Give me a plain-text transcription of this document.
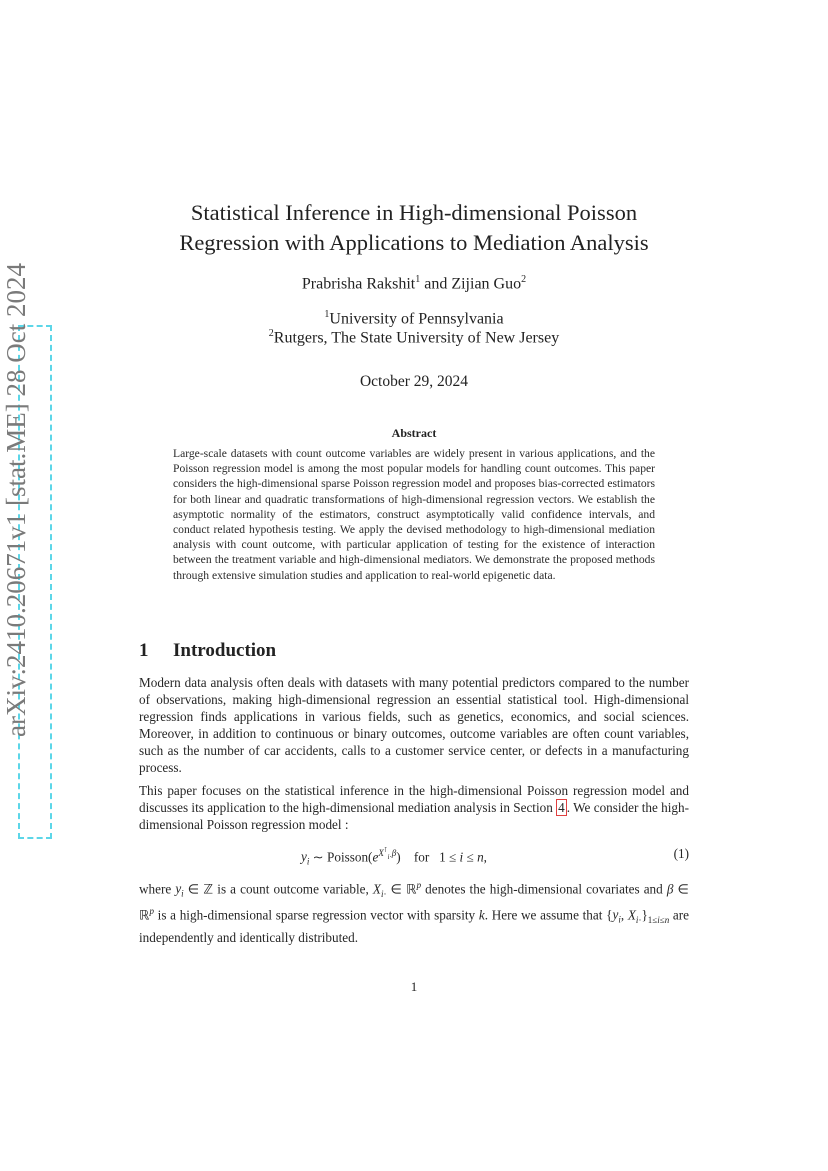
arXiv:2410.20671v1 [stat.ME] 28 Oct 2024
Statistical Inference in High-dimensional Poisson
Regression with Applications to Mediation Analysis
Prabrisha Rakshit$^1$ and Zijian Guo$^2$
$^1$University of Pennsylvania
$^2$Rutgers, The State University of New Jersey
October 29, 2024
Abstract
Large-scale datasets with count outcome variables are widely present in various applications, and the Poisson regression model is among the most popular models for handling count outcomes. This paper considers the high-dimensional sparse Poisson regression model and proposes bias-corrected estimators for both linear and quadratic transformations of high-dimensional regression vectors. We establish the asymptotic normality of the estimators, construct asymptotically valid confidence intervals, and conduct related hypothesis testing. We apply the devised methodology to high-dimensional mediation analysis with count outcome, with particular application of testing for the existence of interaction between the treatment variable and high-dimensional mediators. We demonstrate the proposed methods through extensive simulation studies and application to real-world epigenetic data.
1 Introduction
Modern data analysis often deals with datasets with many potential predictors compared to the number of observations, making high-dimensional regression an essential statistical tool. High-dimensional regression finds applications in various fields, such as genetics, economics, and social sciences. Moreover, in addition to continuous or binary outcomes, outcome variables are often count variables, such as the number of car accidents, calls to a customer service center, or defects in a manufacturing process.
This paper focuses on the statistical inference in the high-dimensional Poisson regression model and discusses its application to the high-dimensional mediation analysis in Section 4 . We consider the high-dimensional Poisson regression model :
$y_i$ ∼ $Poisson(e^{X^⊺_{i\cdot}\beta})$    for   1 ≤ i ≤ n,	(1)
where $y_i$ ∈ ℤ is a count outcome variable, $X_{i\cdot}$ ∈ ℝ$^p$ denotes the high-dimensional covariates and β ∈ ℝ$^p$ is a high-dimensional sparse regression vector with sparsity k. Here we assume that {$y_i$, $X_{i\cdot}\}_{1\le i\le n}$ are independently and identically distributed.
1
